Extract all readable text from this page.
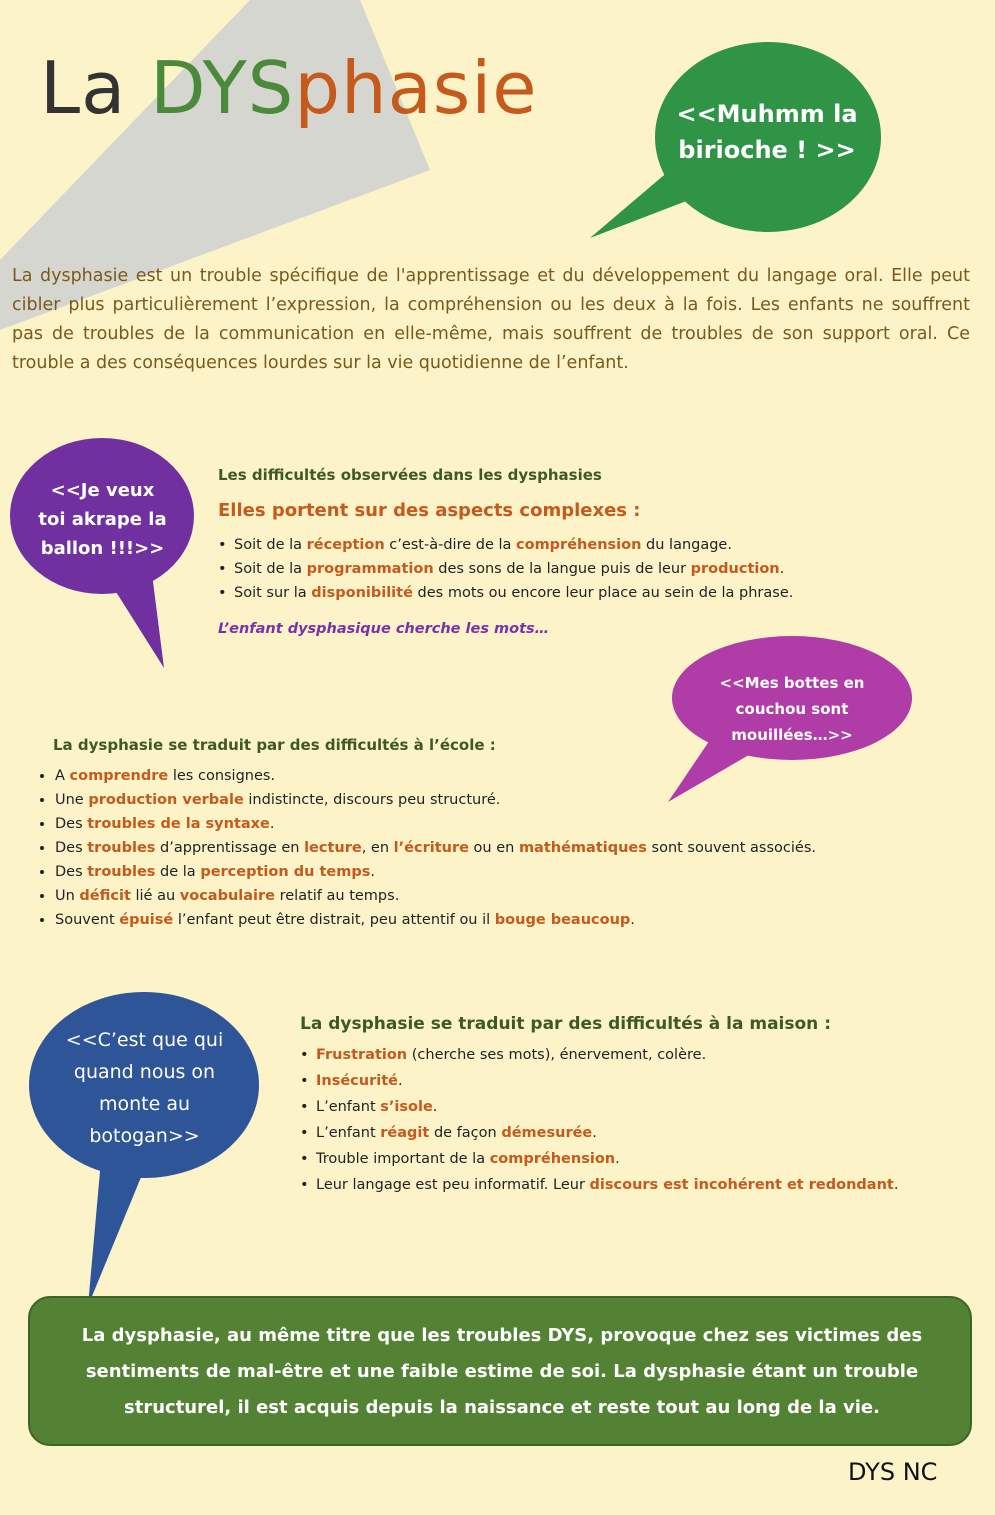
La DYSphasie	<<Muhmm la
birioche ! >>
La dysphasie est un trouble spécifique de l'apprentissage et du développement du langage oral. Elle peut cibler plus particulièrement l’expression, la compréhension ou les deux à la fois. Les enfants ne souffrent pas de troubles de la communication en elle-même, mais souffrent de troubles de son support oral. Ce trouble a des conséquences lourdes sur la vie quotidienne de l’enfant.
<<Je veux
toi akrape la
ballon !!!>>
Les difficultés observées dans les dysphasies
Elles portent sur des aspects complexes :
• Soit de la réception c’est-à-dire de la compréhension du langage.
• Soit de la programmation des sons de la langue puis de leur production.
• Soit sur la disponibilité des mots ou encore leur place au sein de la phrase.
L’enfant dysphasique cherche les mots…
<<Mes bottes en
couchou sont
mouillées…>>
La dysphasie se traduit par des difficultés à l’école :
• A comprendre les consignes.
• Une production verbale indistincte, discours peu structuré.
• Des troubles de la syntaxe.
• Des troubles d’apprentissage en lecture, en l’écriture ou en mathématiques sont souvent associés.
• Des troubles de la perception du temps.
• Un déficit lié au vocabulaire relatif au temps.
• Souvent épuisé l’enfant peut être distrait, peu attentif ou il bouge beaucoup.
<<C’est que qui
quand nous on
monte au
botogan>>
La dysphasie se traduit par des difficultés à la maison :
• Frustration (cherche ses mots), énervement, colère.
• Insécurité.
• L’enfant s’isole.
• L’enfant réagit de façon démesurée.
• Trouble important de la compréhension.
• Leur langage est peu informatif. Leur discours est incohérent et redondant.
La dysphasie, au même titre que les troubles DYS, provoque chez ses victimes des sentiments de mal-être et une faible estime de soi. La dysphasie étant un trouble structurel, il est acquis depuis la naissance et reste tout au long de la vie.
DYS NC
